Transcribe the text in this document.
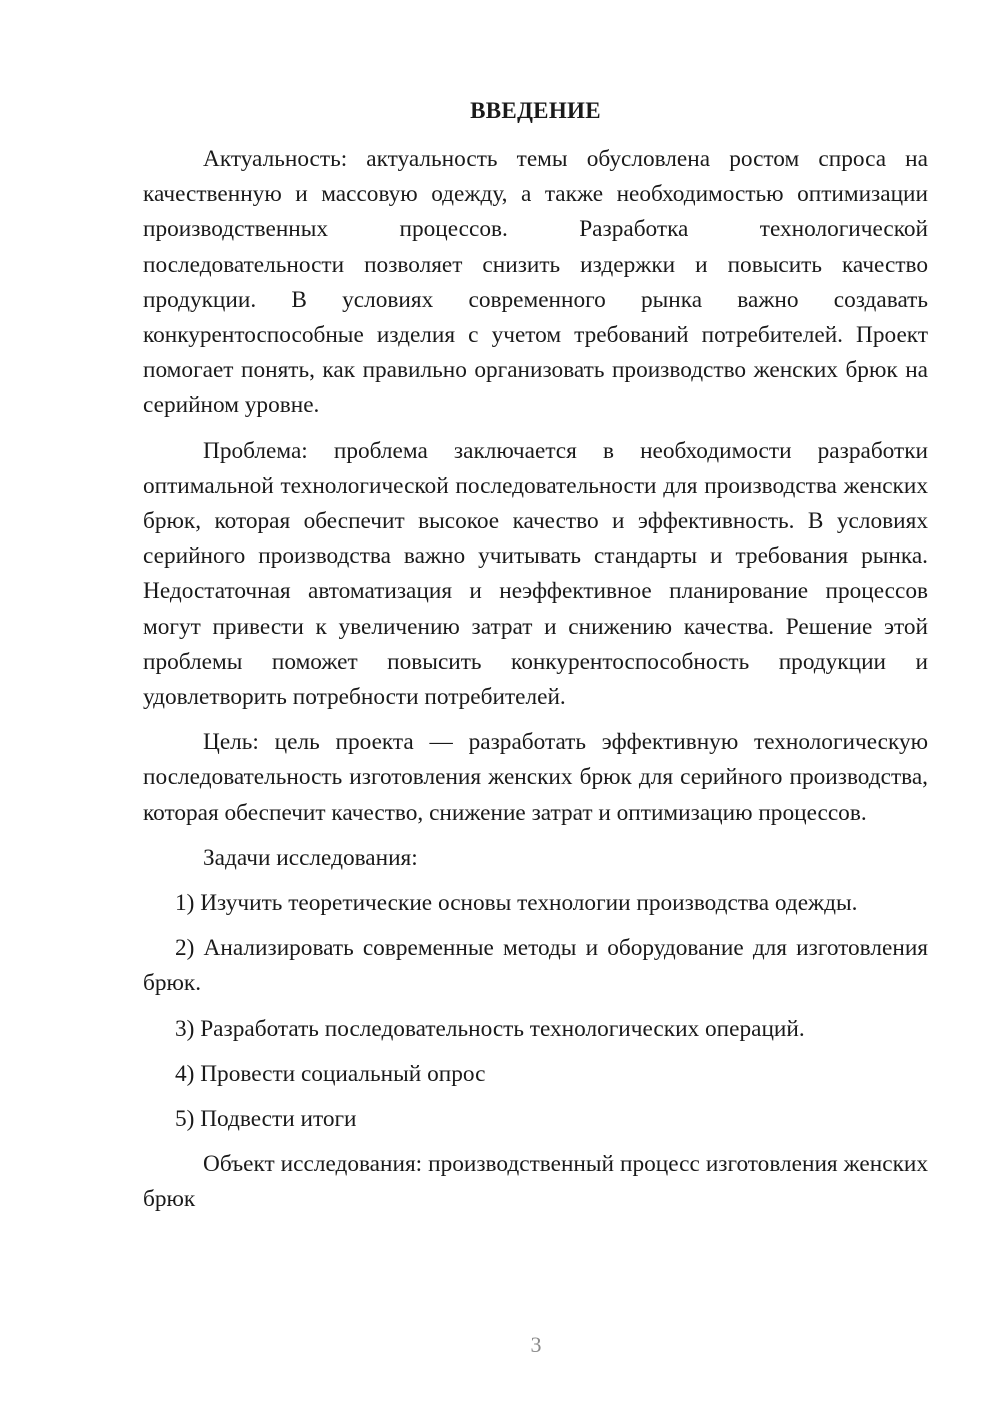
ВВЕДЕНИЕ

Актуальность: актуальность темы обусловлена ростом спроса на качественную и массовую одежду, а также необходимостью оптимизации производственных процессов. Разработка технологической последовательности позволяет снизить издержки и повысить качество продукции. В условиях современного рынка важно создавать конкурентоспособные изделия с учетом требований потребителей. Проект помогает понять, как правильно организовать производство женских брюк на серийном уровне.

Проблема: проблема заключается в необходимости разработки оптимальной технологической последовательности для производства женских брюк, которая обеспечит высокое качество и эффективность. В условиях серийного производства важно учитывать стандарты и требования рынка. Недостаточная автоматизация и неэффективное планирование процессов могут привести к увеличению затрат и снижению качества. Решение этой проблемы поможет повысить конкурентоспособность продукции и удовлетворить потребности потребителей.

Цель: цель проекта — разработать эффективную технологическую последовательность изготовления женских брюк для серийного производства, которая обеспечит качество, снижение затрат и оптимизацию процессов.

Задачи исследования:

1) Изучить теоретические основы технологии производства одежды.

2) Анализировать современные методы и оборудование для изготовления брюк.

3) Разработать последовательность технологических операций.

4) Провести социальный опрос

5) Подвести итоги

Объект исследования: производственный процесс изготовления женских брюк

3
